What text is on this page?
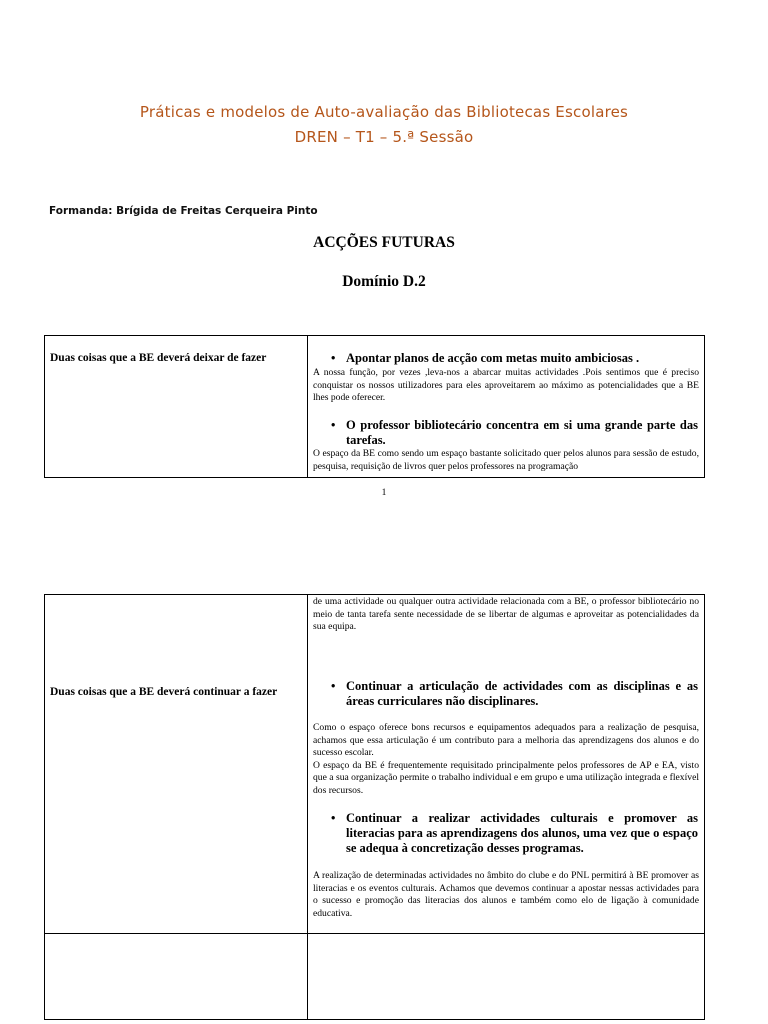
Práticas e modelos de Auto-avaliação das Bibliotecas Escolares
DREN – T1 – 5.ª Sessão
Formanda: Brígida de Freitas Cerqueira Pinto
ACÇÕES FUTURAS
Domínio D.2
Duas coisas que a BE deverá deixar de fazer	• Apontar planos de acção com metas muito ambiciosas .
A nossa função, por vezes ,leva-nos a abarcar muitas actividades .Pois sentimos que é preciso conquistar os nossos utilizadores para eles aproveitarem ao máximo as potencialidades que a BE lhes pode oferecer.
• O professor bibliotecário concentra em si uma grande parte das tarefas.
O espaço da BE como sendo um espaço bastante solicitado quer pelos alunos para sessão de estudo, pesquisa, requisição de livros quer pelos professores na programação
1
Duas coisas que a BE deverá continuar a fazer
de uma actividade ou qualquer outra actividade relacionada com a BE, o professor bibliotecário no meio de tanta tarefa sente necessidade de se libertar de algumas e aproveitar as potencialidades da sua equipa.
• Continuar a articulação de actividades com as disciplinas e as áreas curriculares não disciplinares.
Como o espaço oferece bons recursos e equipamentos adequados para a realização de pesquisa, achamos que essa articulação é um contributo para a melhoria das aprendizagens dos alunos e do sucesso escolar.
O espaço da BE é frequentemente requisitado principalmente pelos professores de AP e EA, visto que a sua organização permite o trabalho individual e em grupo e uma utilização integrada e flexível dos recursos.
• Continuar a realizar actividades culturais e promover as literacias para as aprendizagens dos alunos, uma vez que o espaço se adequa à concretização desses programas.
A realização de determinadas actividades no âmbito do clube e do PNL permitirá à BE promover as literacias e os eventos culturais. Achamos que devemos continuar a apostar nessas actividades para o sucesso e promoção das literacias dos alunos e também como elo de ligação à comunidade educativa.
